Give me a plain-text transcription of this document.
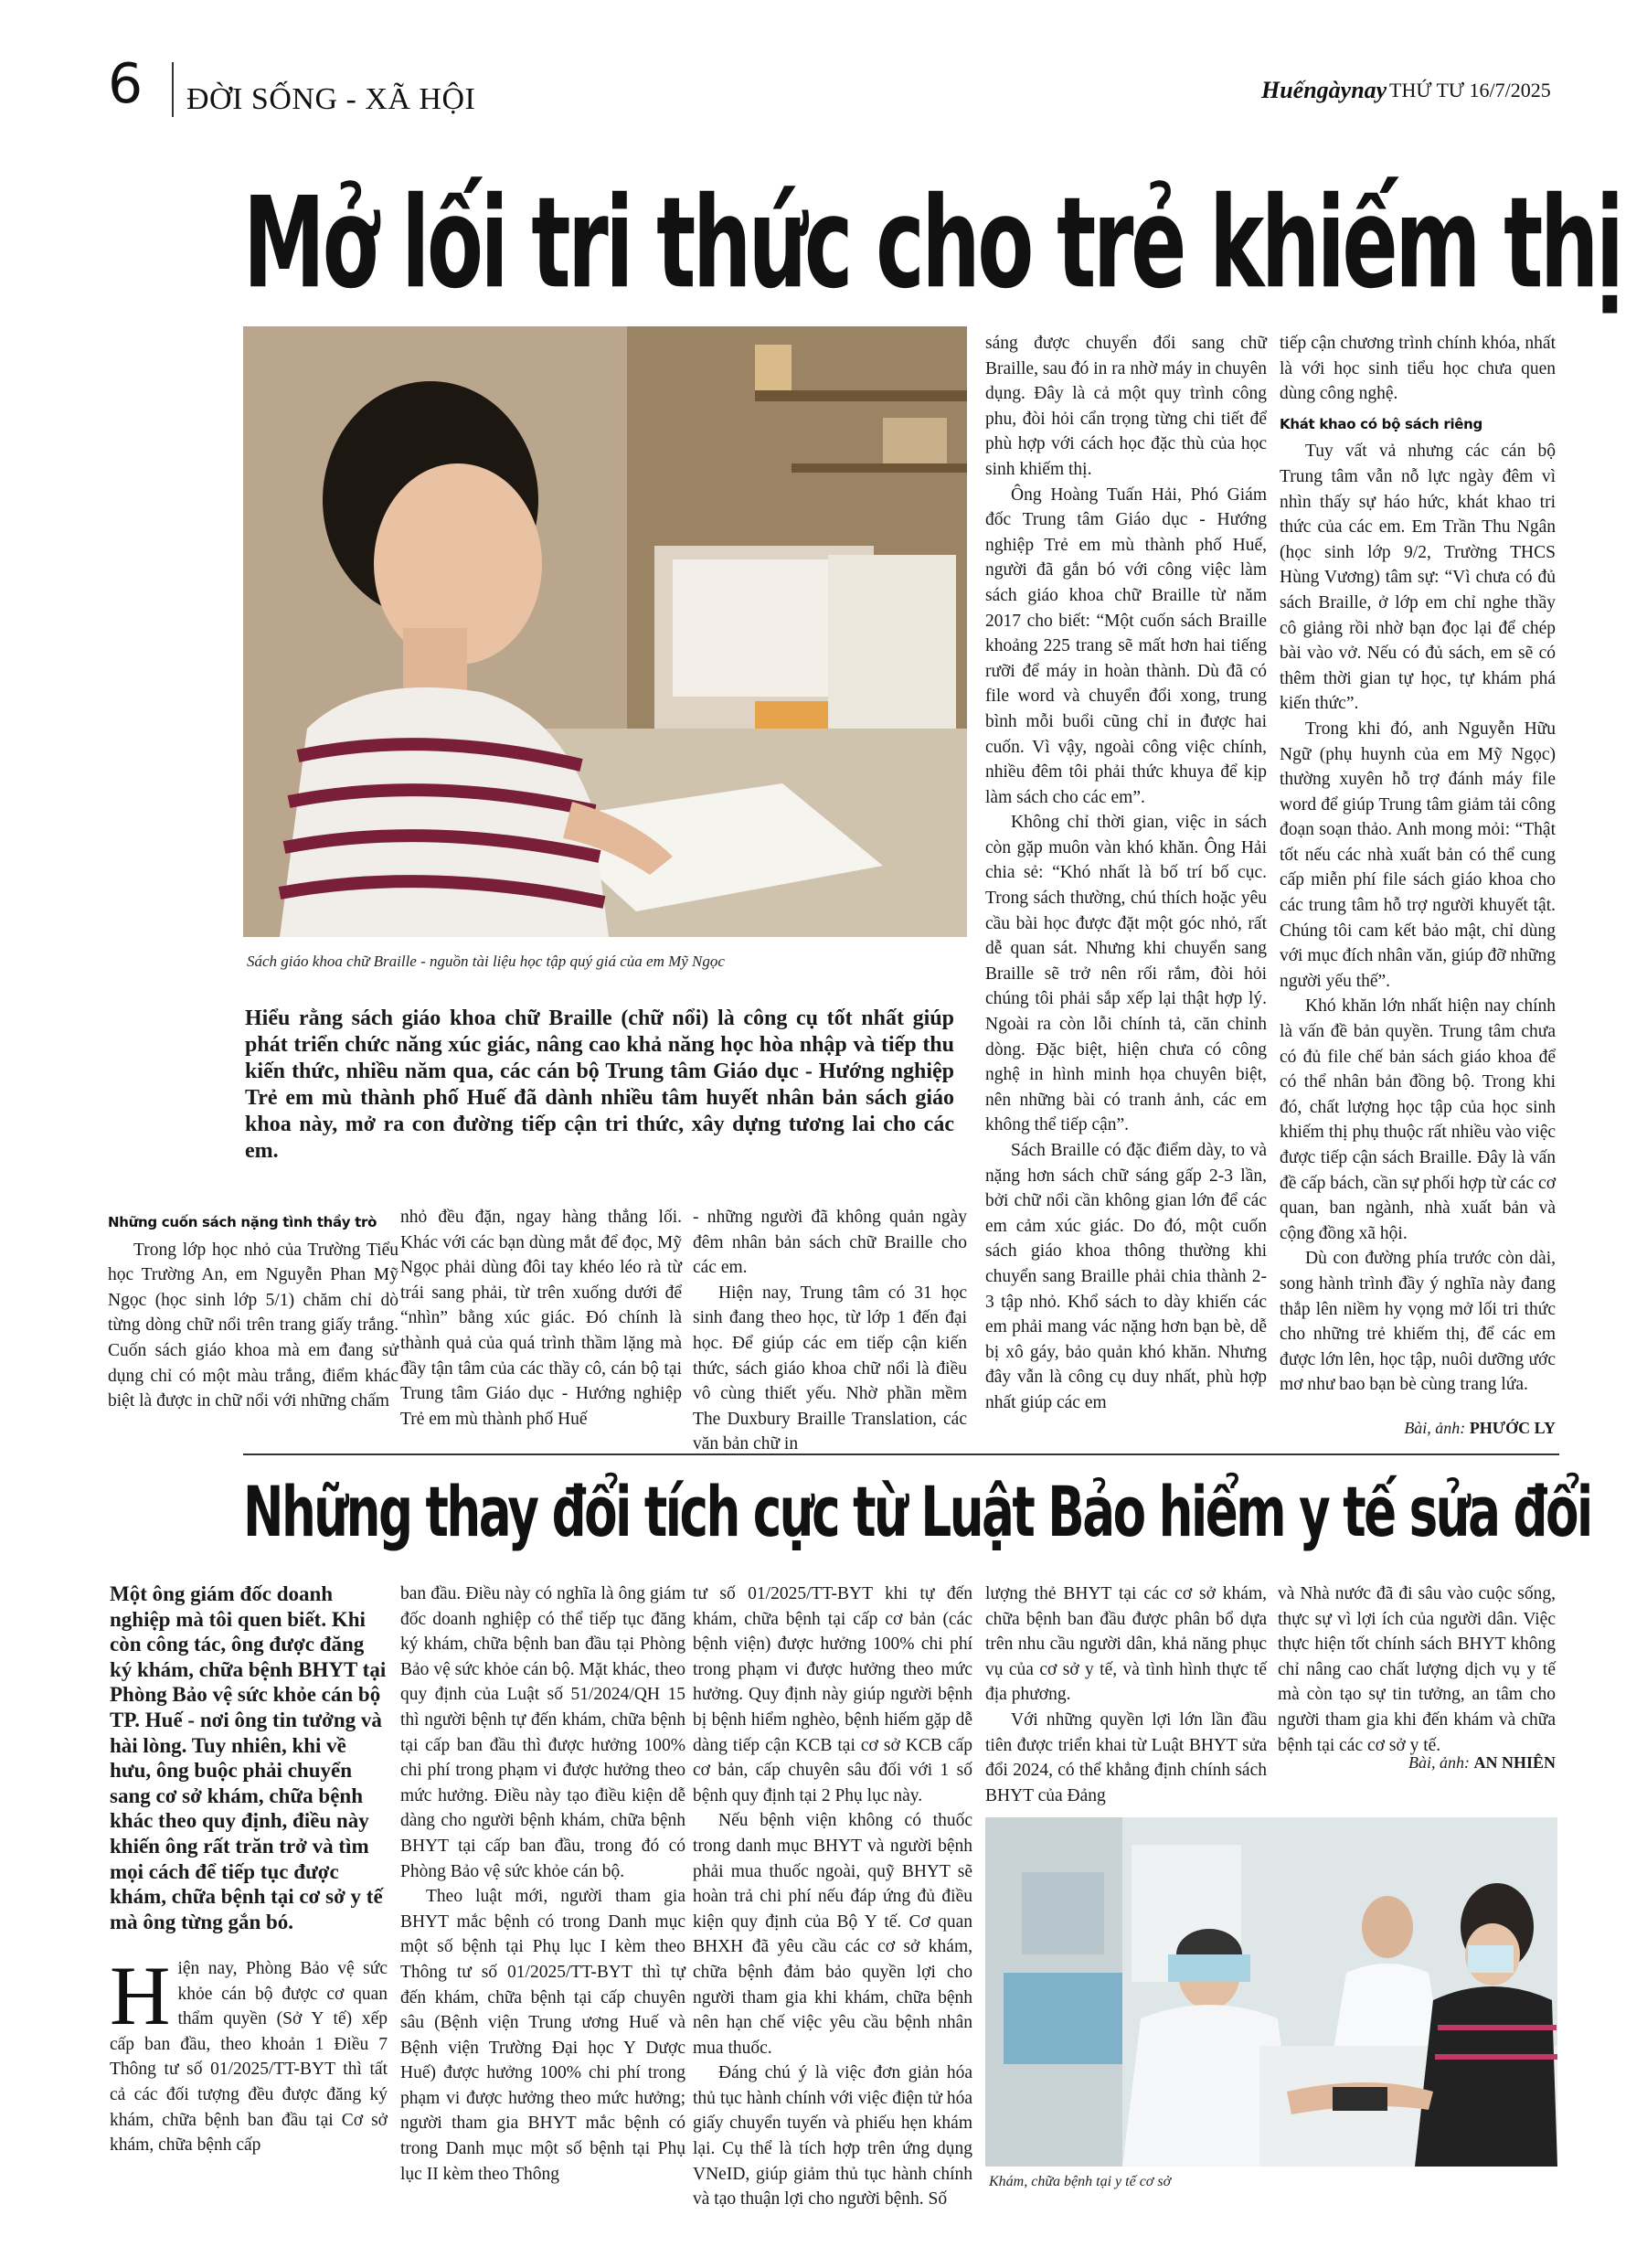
6 ĐỜI SỐNG - XÃ HỘI	Huếngàynay THỨ TƯ 16/7/2025
Mở lối tri thức cho trẻ khiếm thị
Sách giáo khoa chữ Braille - nguồn tài liệu học tập quý giá của em Mỹ Ngọc
Hiểu rằng sách giáo khoa chữ Braille (chữ nổi) là công cụ tốt nhất giúp phát triển chức năng xúc giác, nâng cao khả năng học hòa nhập và tiếp thu kiến thức, nhiều năm qua, các cán bộ Trung tâm Giáo dục - Hướng nghiệp Trẻ em mù thành phố Huế đã dành nhiều tâm huyết nhân bản sách giáo khoa này, mở ra con đường tiếp cận tri thức, xây dựng tương lai cho các em.
Những cuốn sách nặng tình thầy trò

Trong lớp học nhỏ của Trường Tiểu học Trường An, em Nguyễn Phan Mỹ Ngọc (học sinh lớp 5/1) chăm chỉ dò từng dòng chữ nổi trên trang giấy trắng. Cuốn sách giáo khoa mà em đang sử dụng chỉ có một màu trắng, điểm khác biệt là được in chữ nổi với những chấm

nhỏ đều đặn, ngay hàng thẳng lối. Khác với các bạn dùng mắt để đọc, Mỹ Ngọc phải dùng đôi tay khéo léo rà từ trái sang phải, từ trên xuống dưới để “nhìn” bằng xúc giác. Đó chính là thành quả của quá trình thầm lặng mà đầy tận tâm của các thầy cô, cán bộ tại Trung tâm Giáo dục - Hướng nghiệp Trẻ em mù thành phố Huế

- những người đã không quản ngày đêm nhân bản sách chữ Braille cho các em.

Hiện nay, Trung tâm có 31 học sinh đang theo học, từ lớp 1 đến đại học. Để giúp các em tiếp cận kiến thức, sách giáo khoa chữ nổi là điều vô cùng thiết yếu. Nhờ phần mềm The Duxbury Braille Translation, các văn bản chữ in

sáng được chuyển đổi sang chữ Braille, sau đó in ra nhờ máy in chuyên dụng. Đây là cả một quy trình công phu, đòi hỏi cẩn trọng từng chi tiết để phù hợp với cách học đặc thù của học sinh khiếm thị.

Ông Hoàng Tuấn Hải, Phó Giám đốc Trung tâm Giáo dục - Hướng nghiệp Trẻ em mù thành phố Huế, người đã gắn bó với công việc làm sách giáo khoa chữ Braille từ năm 2017 cho biết: “Một cuốn sách Braille khoảng 225 trang sẽ mất hơn hai tiếng rưỡi để máy in hoàn thành. Dù đã có file word và chuyển đổi xong, trung bình mỗi buổi cũng chỉ in được hai cuốn. Vì vậy, ngoài công việc chính, nhiều đêm tôi phải thức khuya để kịp làm sách cho các em”.

Không chỉ thời gian, việc in sách còn gặp muôn vàn khó khăn. Ông Hải chia sẻ: “Khó nhất là bố trí bố cục. Trong sách thường, chú thích hoặc yêu cầu bài học được đặt một góc nhỏ, rất dễ quan sát. Nhưng khi chuyển sang Braille sẽ trở nên rối rắm, đòi hỏi chúng tôi phải sắp xếp lại thật hợp lý. Ngoài ra còn lỗi chính tả, căn chỉnh dòng. Đặc biệt, hiện chưa có công nghệ in hình minh họa chuyên biệt, nên những bài có tranh ảnh, các em không thể tiếp cận”.

Sách Braille có đặc điểm dày, to và nặng hơn sách chữ sáng gấp 2-3 lần, bởi chữ nổi cần không gian lớn để các em cảm xúc giác. Do đó, một cuốn sách giáo khoa thông thường khi chuyển sang Braille phải chia thành 2-3 tập nhỏ. Khổ sách to dày khiến các em phải mang vác nặng hơn bạn bè, dễ bị xô gáy, bảo quản khó khăn. Nhưng đây vẫn là công cụ duy nhất, phù hợp nhất giúp các em

tiếp cận chương trình chính khóa, nhất là với học sinh tiểu học chưa quen dùng công nghệ.

Khát khao có bộ sách riêng

Tuy vất vả nhưng các cán bộ Trung tâm vẫn nỗ lực ngày đêm vì nhìn thấy sự háo hức, khát khao tri thức của các em. Em Trần Thu Ngân (học sinh lớp 9/2, Trường THCS Hùng Vương) tâm sự: “Vì chưa có đủ sách Braille, ở lớp em chỉ nghe thầy cô giảng rồi nhờ bạn đọc lại để chép bài vào vở. Nếu có đủ sách, em sẽ có thêm thời gian tự học, tự khám phá kiến thức”.

Trong khi đó, anh Nguyễn Hữu Ngữ (phụ huynh của em Mỹ Ngọc) thường xuyên hỗ trợ đánh máy file word để giúp Trung tâm giảm tải công đoạn soạn thảo. Anh mong mỏi: “Thật tốt nếu các nhà xuất bản có thể cung cấp miễn phí file sách giáo khoa cho các trung tâm hỗ trợ người khuyết tật. Chúng tôi cam kết bảo mật, chỉ dùng với mục đích nhân văn, giúp đỡ những người yếu thế”.

Khó khăn lớn nhất hiện nay chính là vấn đề bản quyền. Trung tâm chưa có đủ file chế bản sách giáo khoa để có thể nhân bản đồng bộ. Trong khi đó, chất lượng học tập của học sinh khiếm thị phụ thuộc rất nhiều vào việc được tiếp cận sách Braille. Đây là vấn đề cấp bách, cần sự phối hợp từ các cơ quan, ban ngành, nhà xuất bản và cộng đồng xã hội.

Dù con đường phía trước còn dài, song hành trình đầy ý nghĩa này đang thắp lên niềm hy vọng mở lối tri thức cho những trẻ khiếm thị, để các em được lớn lên, học tập, nuôi dưỡng ước mơ như bao bạn bè cùng trang lứa.

Bài, ảnh: PHƯỚC LY
Những thay đổi tích cực từ Luật Bảo hiểm y tế sửa đổi
Một ông giám đốc doanh nghiệp mà tôi quen biết. Khi còn công tác, ông được đăng ký khám, chữa bệnh BHYT tại Phòng Bảo vệ sức khỏe cán bộ TP. Huế - nơi ông tin tưởng và hài lòng. Tuy nhiên, khi về hưu, ông buộc phải chuyển sang cơ sở khám, chữa bệnh khác theo quy định, điều này khiến ông rất trăn trở và tìm mọi cách để tiếp tục được khám, chữa bệnh tại cơ sở y tế mà ông từng gắn bó.
H iện nay, Phòng Bảo vệ sức khỏe cán bộ được cơ quan thẩm quyền (Sở Y tế) xếp cấp ban đầu, theo khoản 1 Điều 7 Thông tư số 01/2025/TT-BYT thì tất cả các đối tượng đều được đăng ký khám, chữa bệnh ban đầu tại Cơ sở khám, chữa bệnh cấp

ban đầu. Điều này có nghĩa là ông giám đốc doanh nghiệp có thể tiếp tục đăng ký khám, chữa bệnh ban đầu tại Phòng Bảo vệ sức khỏe cán bộ. Mặt khác, theo quy định của Luật số 51/2024/QH 15 thì người bệnh tự đến khám, chữa bệnh tại cấp ban đầu thì được hưởng 100% chi phí trong phạm vi được hưởng theo mức hưởng. Điều này tạo điều kiện dễ dàng cho người bệnh khám, chữa bệnh BHYT tại cấp ban đầu, trong đó có Phòng Bảo vệ sức khỏe cán bộ.

Theo luật mới, người tham gia BHYT mắc bệnh có trong Danh mục một số bệnh tại Phụ lục I kèm theo Thông tư số 01/2025/TT-BYT thì tự đến khám, chữa bệnh tại cấp chuyên sâu (Bệnh viện Trung ương Huế và Bệnh viện Trường Đại học Y Dược Huế) được hưởng 100% chi phí trong phạm vi được hưởng theo mức hưởng; người tham gia BHYT mắc bệnh có trong Danh mục một số bệnh tại Phụ lục II kèm theo Thông

tư số 01/2025/TT-BYT khi tự đến khám, chữa bệnh tại cấp cơ bản (các bệnh viện) được hưởng 100% chi phí trong phạm vi được hưởng theo mức hưởng. Quy định này giúp người bệnh bị bệnh hiểm nghèo, bệnh hiếm gặp dễ dàng tiếp cận KCB tại cơ sở KCB cấp cơ bản, cấp chuyên sâu đối với 1 số bệnh quy định tại 2 Phụ lục này.

Nếu bệnh viện không có thuốc trong danh mục BHYT và người bệnh phải mua thuốc ngoài, quỹ BHYT sẽ hoàn trả chi phí nếu đáp ứng đủ điều kiện quy định của Bộ Y tế. Cơ quan BHXH đã yêu cầu các cơ sở khám, chữa bệnh đảm bảo quyền lợi cho người tham gia khi khám, chữa bệnh nên hạn chế việc yêu cầu bệnh nhân mua thuốc.

Đáng chú ý là việc đơn giản hóa thủ tục hành chính với việc điện tử hóa giấy chuyển tuyến và phiếu hẹn khám lại. Cụ thể là tích hợp trên ứng dụng VNeID, giúp giảm thủ tục hành chính và tạo thuận lợi cho người bệnh. Số

lượng thẻ BHYT tại các cơ sở khám, chữa bệnh ban đầu được phân bổ dựa trên nhu cầu người dân, khả năng phục vụ của cơ sở y tế, và tình hình thực tế địa phương.

Với những quyền lợi lớn lần đầu tiên được triển khai từ Luật BHYT sửa đổi 2024, có thể khẳng định chính sách BHYT của Đảng

và Nhà nước đã đi sâu vào cuộc sống, thực sự vì lợi ích của người dân. Việc thực hiện tốt chính sách BHYT không chỉ nâng cao chất lượng dịch vụ y tế mà còn tạo sự tin tưởng, an tâm cho người tham gia khi đến khám và chữa bệnh tại các cơ sở y tế.

Bài, ảnh: AN NHIÊN
Khám, chữa bệnh tại y tế cơ sở
